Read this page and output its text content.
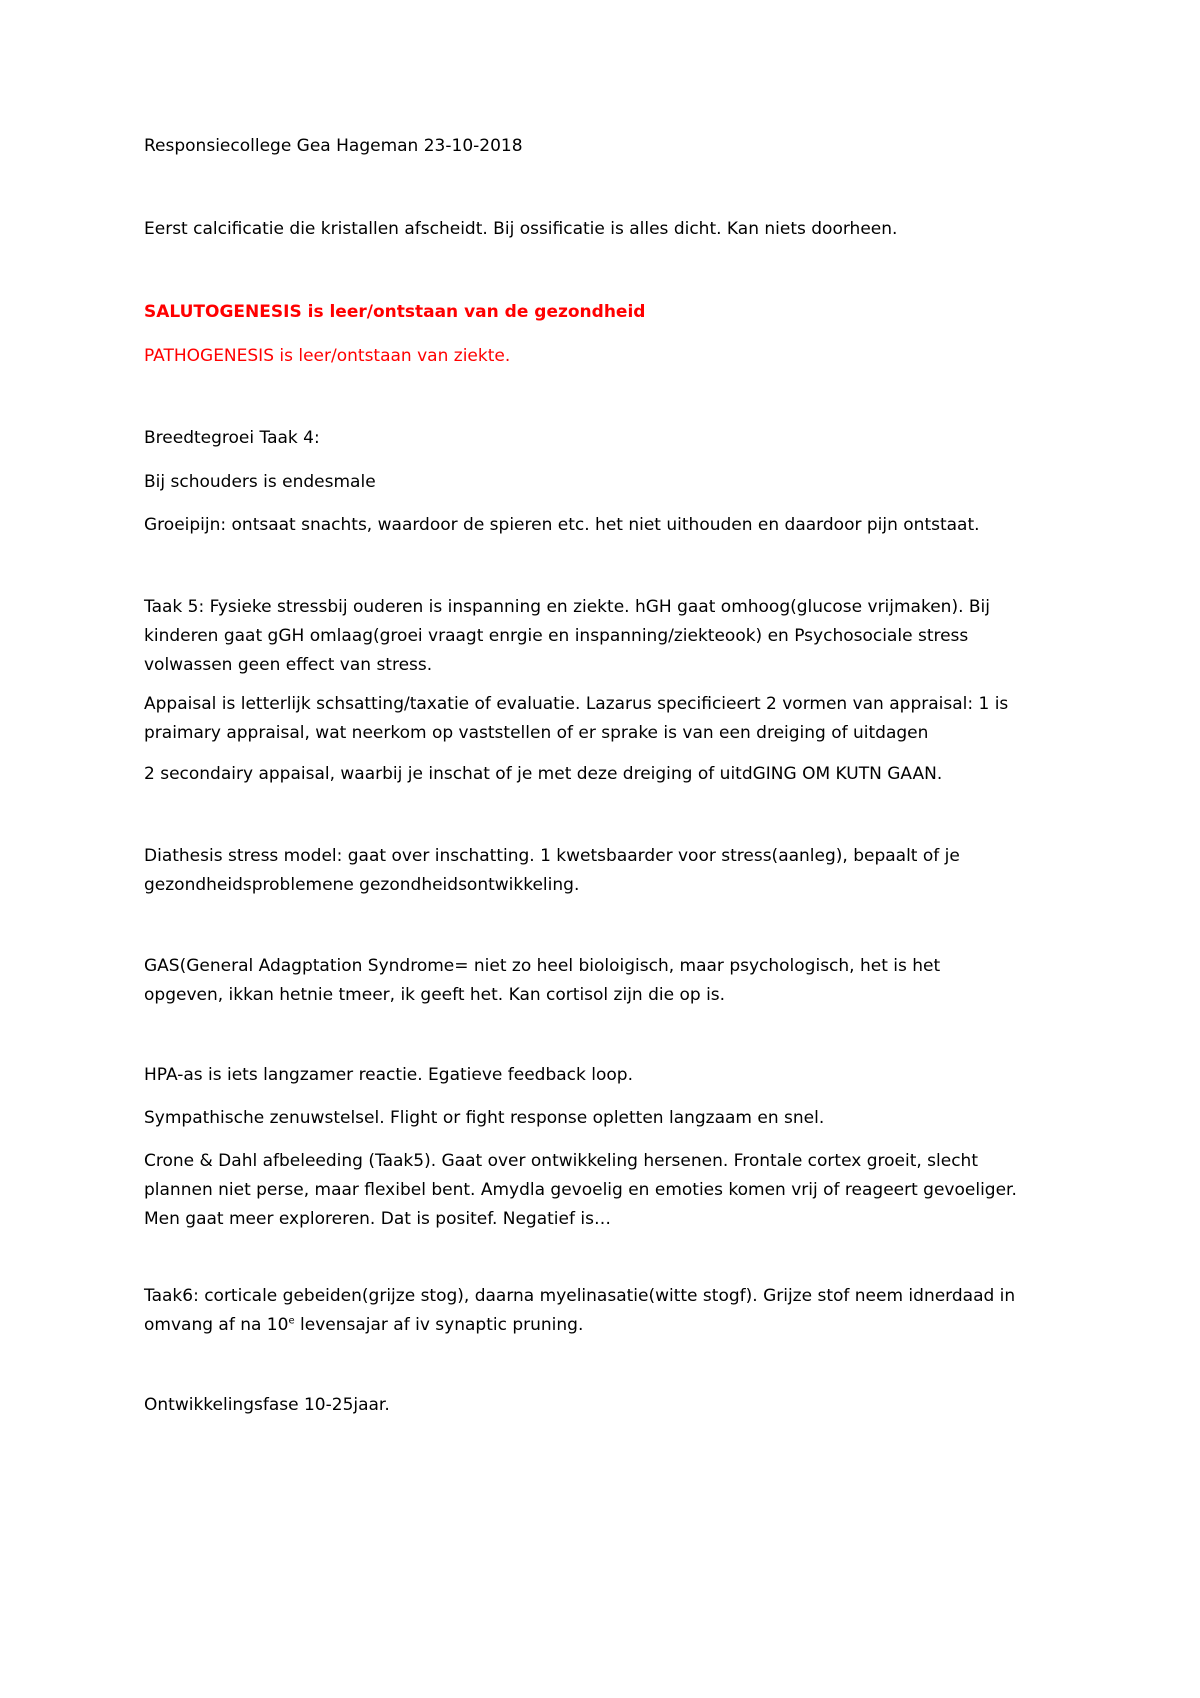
Responsiecollege Gea Hageman 23-10-2018

Eerst calcificatie die kristallen afscheidt. Bij ossificatie is alles dicht. Kan niets doorheen.

SALUTOGENESIS is leer/ontstaan van de gezondheid

PATHOGENESIS is leer/ontstaan van ziekte.

Breedtegroei Taak 4:

Bij schouders is endesmale

Groeipijn: ontsaat snachts, waardoor de spieren etc. het niet uithouden en daardoor pijn ontstaat.

Taak 5: Fysieke stressbij ouderen is inspanning en ziekte. hGH gaat omhoog(glucose vrijmaken). Bij
kinderen gaat gGH omlaag(groei vraagt enrgie en inspanning/ziekteook) en Psychosociale stress
volwassen geen effect van stress.
Appaisal is letterlijk schsatting/taxatie of evaluatie. Lazarus specificieert 2 vormen van appraisal: 1 is
praimary appraisal, wat neerkom op vaststellen of er sprake is van een dreiging of uitdagen

2 secondairy appaisal, waarbij je inschat of je met deze dreiging of uitdGING OM KUTN GAAN.

Diathesis stress model: gaat over inschatting. 1 kwetsbaarder voor stress(aanleg), bepaalt of je
gezondheidsproblemene gezondheidsontwikkeling.
GAS(General Adagptation Syndrome= niet zo heel bioloigisch, maar psychologisch, het is het
opgeven, ikkan hetnie tmeer, ik geeft het. Kan cortisol zijn die op is.

HPA-as is iets langzamer reactie. Egatieve feedback loop.

Sympathische zenuwstelsel. Flight or fight response opletten langzaam en snel.

Crone & Dahl afbeleeding (Taak5). Gaat over ontwikkeling hersenen. Frontale cortex groeit, slecht
plannen niet perse, maar flexibel bent. Amydla gevoelig en emoties komen vrij of reageert gevoeliger.
Men gaat meer exploreren. Dat is positef. Negatief is…
Taak6: corticale gebeiden(grijze stog), daarna myelinasatie(witte stogf). Grijze stof neem idnerdaad in
omvang af na 10e levensajar af iv synaptic pruning.

Ontwikkelingsfase 10-25jaar.
